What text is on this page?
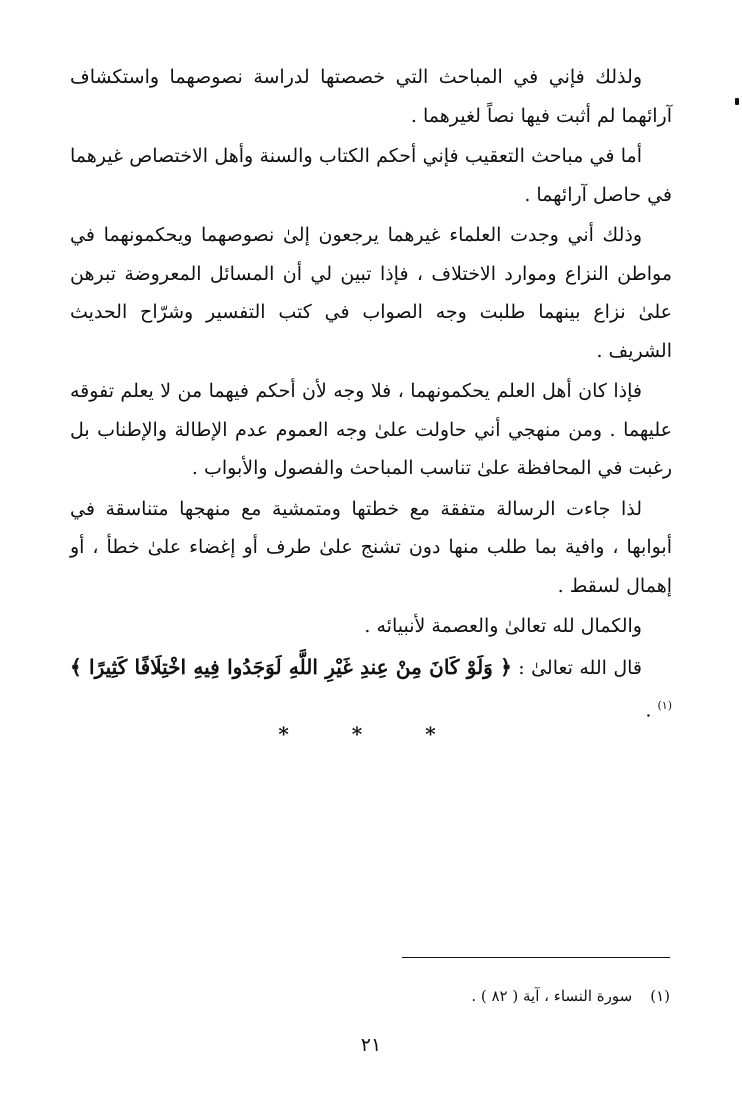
ولذلك فإني في المباحث التي خصصتها لدراسة نصوصهما واستكشاف آرائهما لم أثبت فيها نصاً لغيرهما .

أما في مباحث التعقيب فإني أحكم الكتاب والسنة وأهل الاختصاص غيرهما في حاصل آرائهما .

وذلك أني وجدت العلماء غيرهما يرجعون إلىٰ نصوصهما ويحكمونهما في مواطن النزاع وموارد الاختلاف ، فإذا تبين لي أن المسائل المعروضة تبرهن علىٰ نزاع بينهما طلبت وجه الصواب في كتب التفسير وشرّاح الحديث الشريف .

فإذا كان أهل العلم يحكمونهما ، فلا وجه لأن أحكم فيهما من لا يعلم تفوقه عليهما . ومن منهجي أني حاولت علىٰ وجه العموم عدم الإطالة والإطناب بل رغبت في المحافظة علىٰ تناسب المباحث والفصول والأبواب .

لذا جاءت الرسالة متفقة مع خطتها ومتمشية مع منهجها متناسقة في أبوابها ، وافية بما طلب منها دون تشنج علىٰ طرف أو إغضاء علىٰ خطأ ، أو إهمال لسقط .

والكمال لله تعالىٰ والعصمة لأنبيائه .

قال الله تعالىٰ : ﴿ وَلَوْ كَانَ مِنْ عِندِ غَيْرِ اللَّهِ لَوَجَدُوا فِيهِ اخْتِلَافًا كَثِيرًا ﴾$^{(١)}$ .

* * *
(١)سورة النساء ، آية ( ٨٢ ) .
٢١
